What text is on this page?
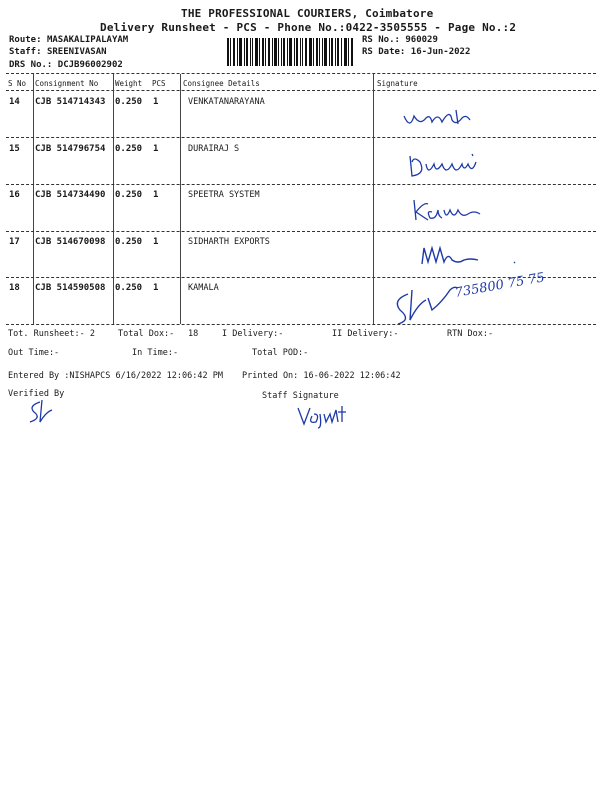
THE PROFESSIONAL COURIERS, Coimbatore
Delivery Runsheet - PCS - Phone No.:0422-3505555 - Page No.:2
Route: MASAKALIPALAYAM
Staff: SREENIVASAN
DRS No.: DCJB96002902
RS No.: 960029
RS Date: 16-Jun-2022
S No Consignment No Weight PCS Consignee Details	Signature
14 CJB 514714343 0.250 1	VENKATANARAYANA
15 CJB 514796754 0.250 1	DURAIRAJ S
16 CJB 514734490 0.250 1	SPEETRA SYSTEM
17 CJB 514670098 0.250 1	SIDHARTH EXPORTS
18 CJB 514590508 0.250 1	KAMALA	735800 75 75
Tot. Runsheet:- 2	Total Dox:- 18	I Delivery:-	II Delivery:-	RTN Dox:-
Out Time:-	In Time:-	Total POD:-
Entered By :NISHAPCS 6/16/2022 12:06:42 PM Printed On: 16-06-2022 12:06:42
Verified By	Staff Signature
